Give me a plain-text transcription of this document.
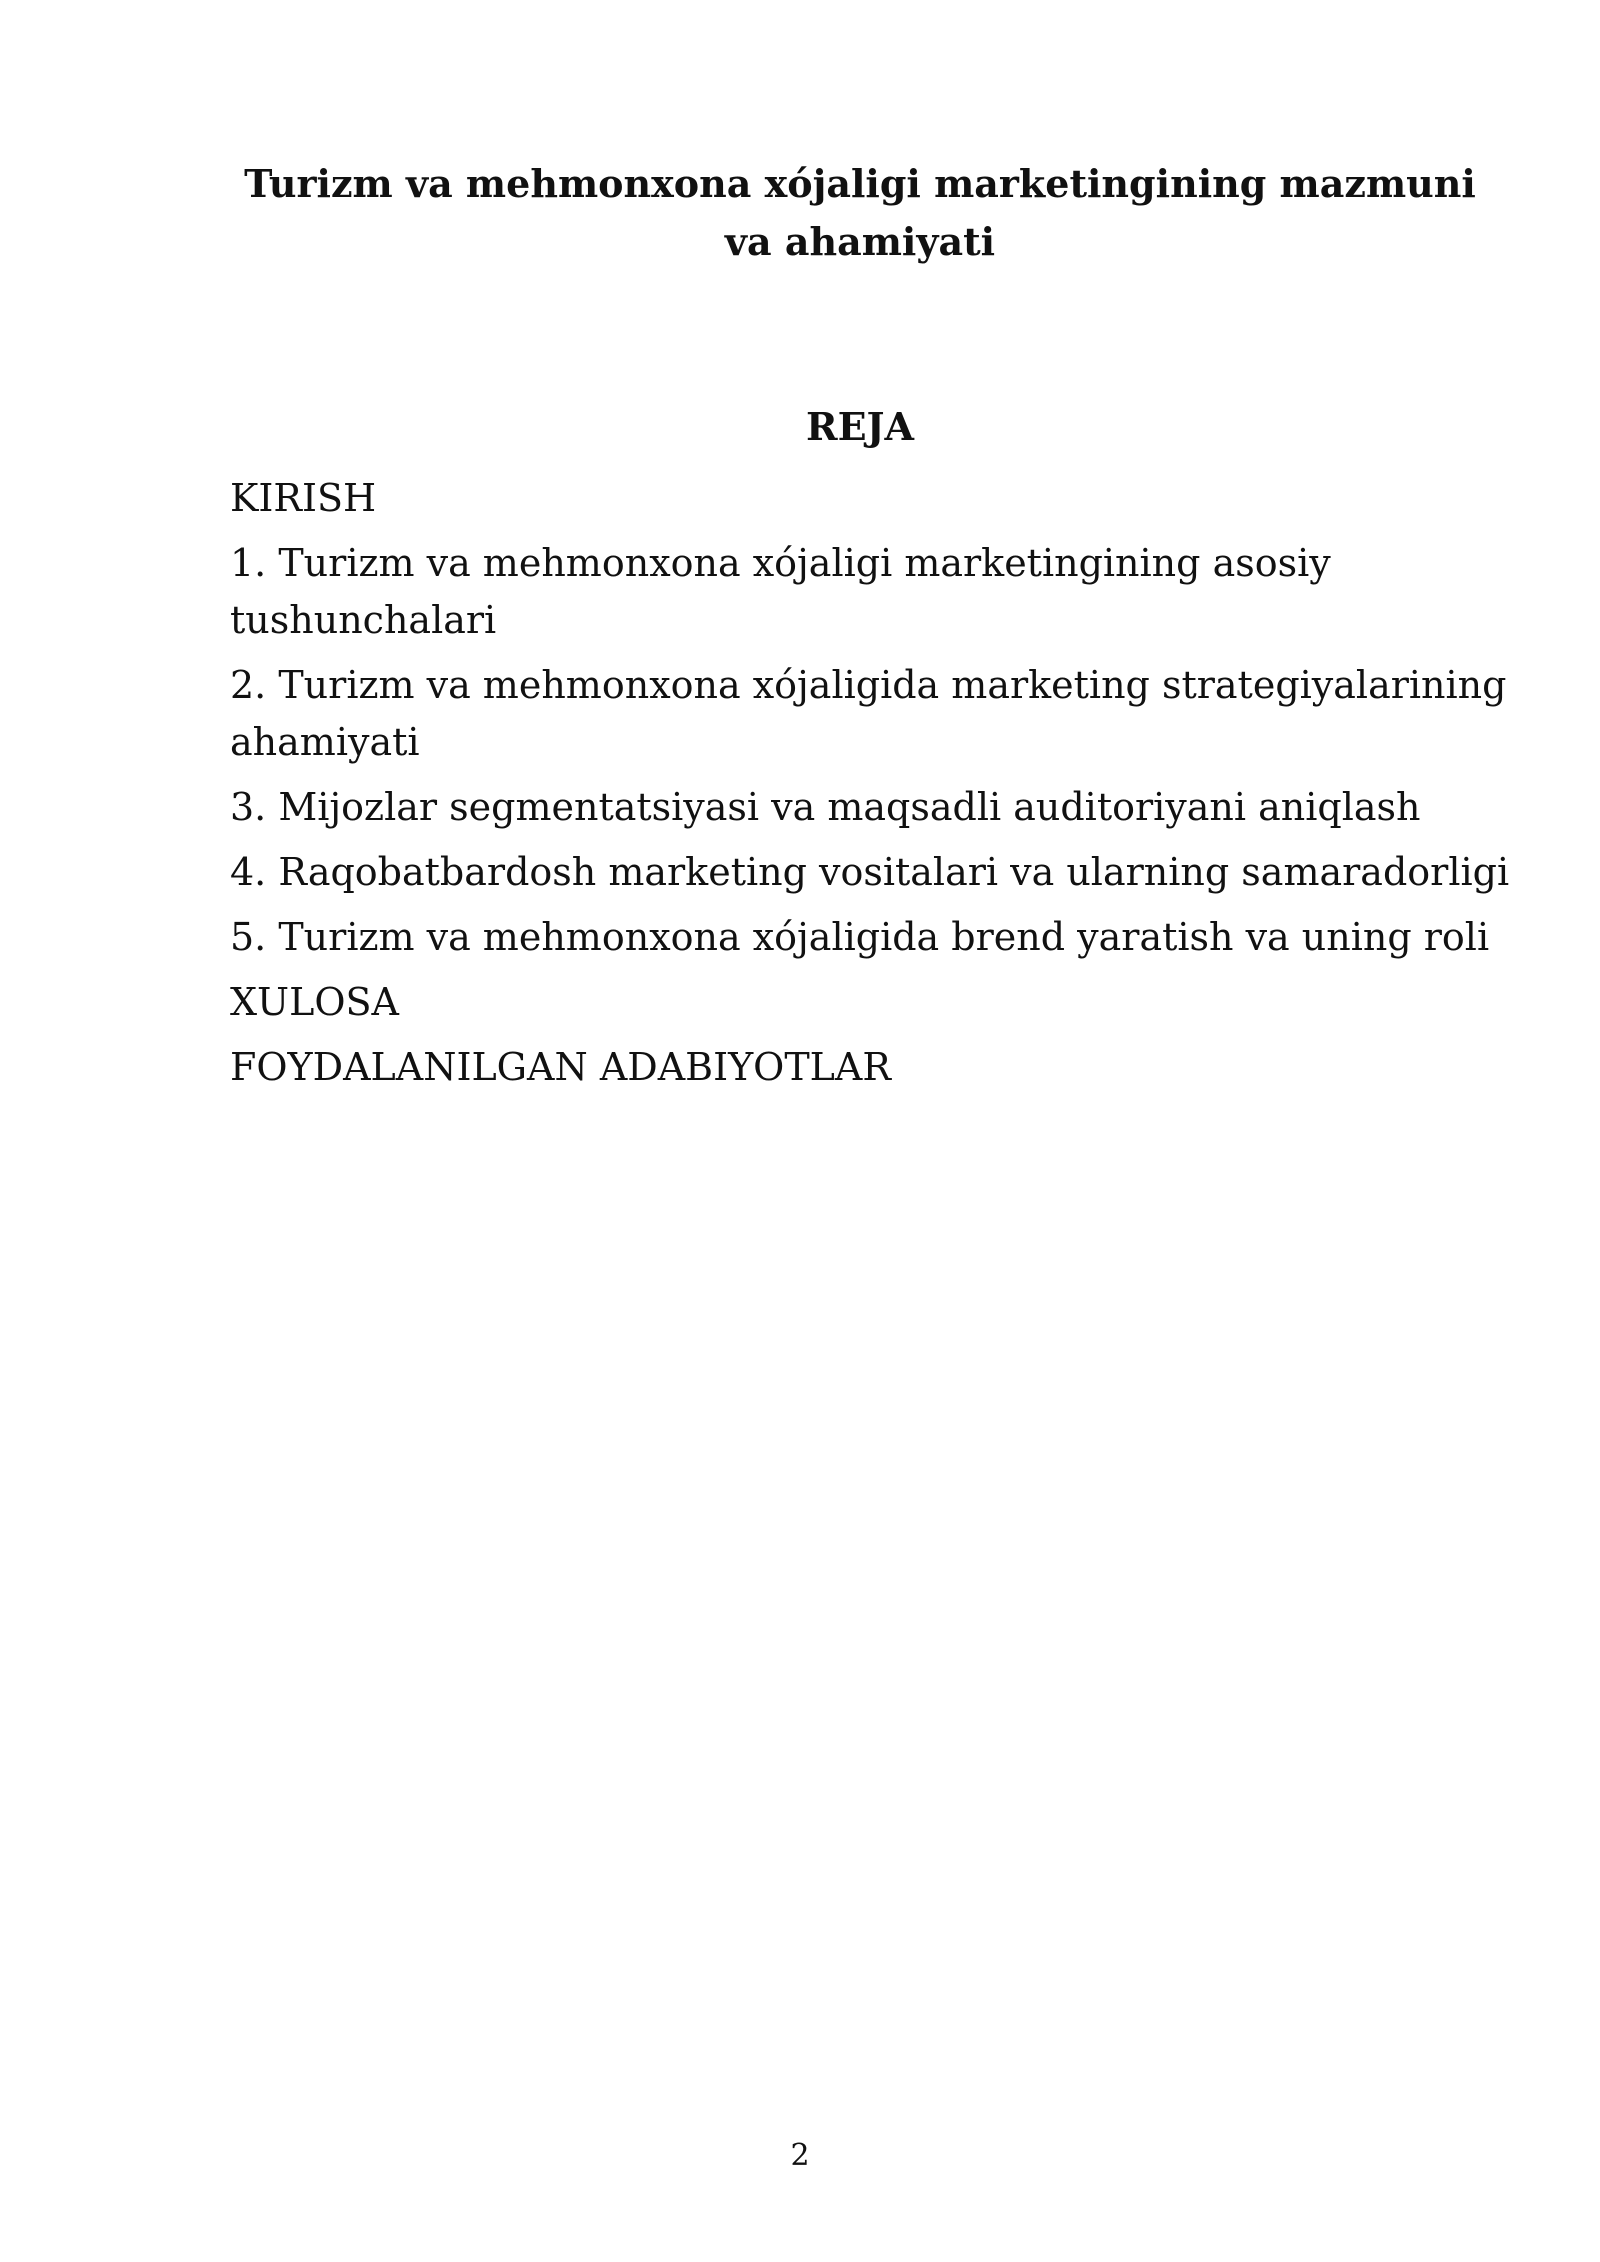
Turizm va mehmonxona xójaligi marketingining mazmuni va ahamiyati
REJA
KIRISH
1. Turizm va mehmonxona xójaligi marketingining asosiy tushunchalari
2. Turizm va mehmonxona xójaligida marketing strategiyalarining ahamiyati
3. Mijozlar segmentatsiyasi va maqsadli auditoriyani aniqlash
4. Raqobatbardosh marketing vositalari va ularning samaradorligi
5. Turizm va mehmonxona xójaligida brend yaratish va uning roli
XULOSA
FOYDALANILGAN ADABIYOTLAR
2
